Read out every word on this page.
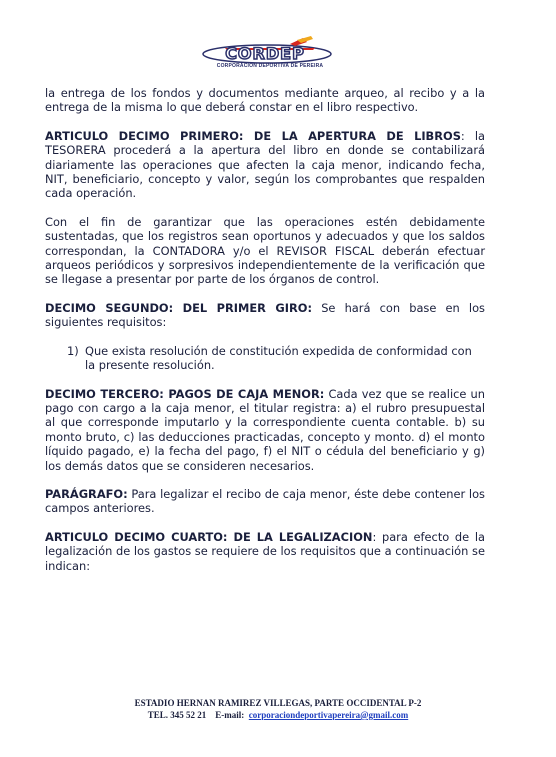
CORDEP
CORPORACION DEPORTIVA DE PEREIRA

la entrega de los fondos y documentos mediante arqueo, al recibo y a la entrega de la misma lo que deberá constar en el libro respectivo.

ARTICULO DECIMO PRIMERO: DE LA APERTURA DE LIBROS: la TESORERA procederá a la apertura del libro en donde se contabilizará diariamente las operaciones que afecten la caja menor, indicando fecha, NIT, beneficiario, concepto y valor, según los comprobantes que respalden cada operación.

Con el fin de garantizar que las operaciones estén debidamente sustentadas, que los registros sean oportunos y adecuados y que los saldos correspondan, la CONTADORA y/o el REVISOR FISCAL deberán efectuar arqueos periódicos y sorpresivos independientemente de la verificación que se llegase a presentar por parte de los órganos de control.

DECIMO SEGUNDO: DEL PRIMER GIRO: Se hará con base en los siguientes requisitos:

1) Que exista resolución de constitución expedida de conformidad con la presente resolución.

DECIMO TERCERO: PAGOS DE CAJA MENOR: Cada vez que se realice un pago con cargo a la caja menor, el titular registra: a) el rubro presupuestal al que corresponde imputarlo y la correspondiente cuenta contable. b) su monto bruto, c) las deducciones practicadas, concepto y monto. d) el monto líquido pagado, e) la fecha del pago, f) el NIT o cédula del beneficiario y g) los demás datos que se consideren necesarios.

PARÁGRAFO: Para legalizar el recibo de caja menor, éste debe contener los campos anteriores.

ARTICULO DECIMO CUARTO: DE LA LEGALIZACION: para efecto de la legalización de los gastos se requiere de los requisitos que a continuación se indican:

ESTADIO HERNAN RAMIREZ VILLEGAS, PARTE OCCIDENTAL P-2
TEL. 345 52 21 E-mail: corporaciondeportivapereira@gmail.com
